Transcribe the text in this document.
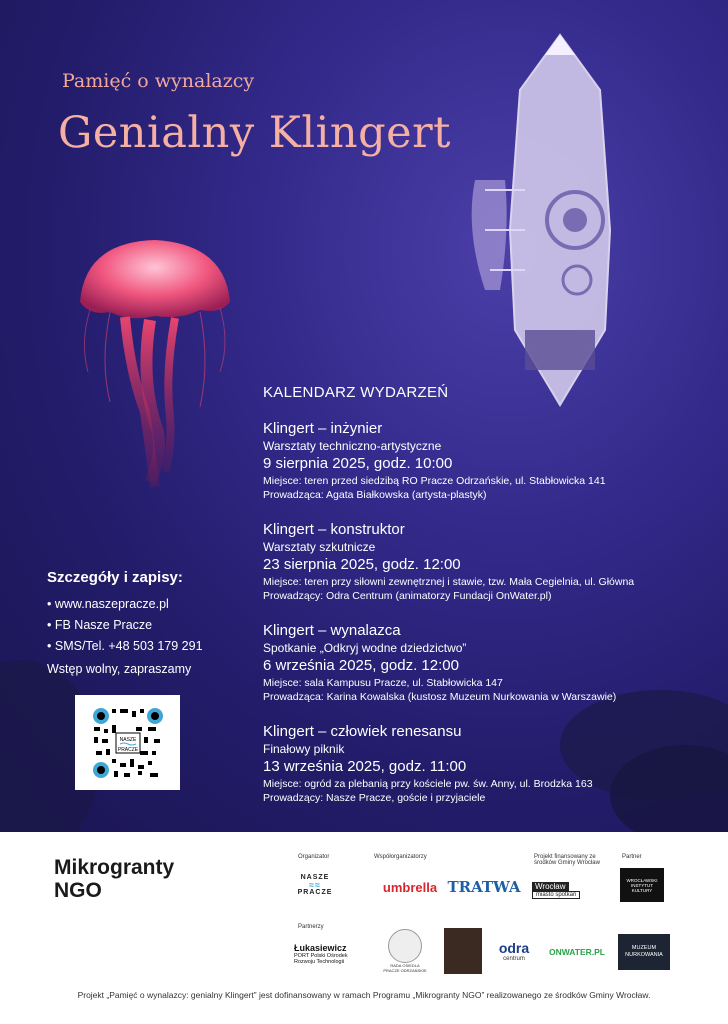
Pamięć o wynalazcy
Genialny Klingert
KALENDARZ WYDARZEŃ
Klingert – inżynier
Warsztaty techniczno-artystyczne
9 sierpnia 2025, godz. 10:00
Miejsce: teren przed siedzibą RO Pracze Odrzańskie, ul. Stabłowicka 141
Prowadząca: Agata Białkowska (artysta-plastyk)
Klingert – konstruktor
Warsztaty szkutnicze
23 sierpnia 2025, godz. 12:00
Miejsce: teren przy siłowni zewnętrznej i stawie, tzw. Mała Cegielnia, ul. Główna
Prowadzący: Odra Centrum (animatorzy Fundacji OnWater.pl)
Klingert – wynalazca
Spotkanie „Odkryj wodne dziedzictwo”
6 września 2025, godz. 12:00
Miejsce: sala Kampusu Pracze, ul. Stabłowicka 147
Prowadząca: Karina Kowalska (kustosz Muzeum Nurkowania w Warszawie)
Klingert – człowiek renesansu
Finałowy piknik
13 września 2025, godz. 11:00
Miejsce: ogród za plebanią przy kościele pw. św. Anny, ul. Brodzka 163
Prowadzący: Nasze Pracze, goście i przyjaciele
Szczegóły i zapisy:
• www.naszepracze.pl
• FB Nasze Pracze
• SMS/Tel. +48 503 179 291
Wstęp wolny, zapraszamy
NASZE
PRACZE
Mikrogranty
NGO
Organizator	Współorganizatorzy	Projekt finansowany ze środków Gminy Wrocław
Partner
Partnerzy
NASZE
≈≈
PRACZE	umbrella TRATWA	Wrocław
miasto spotkań
WROCŁAWSKI
INSTYTUT
KULTURY
Łukasiewicz
PORT Polski Ośrodek
Rozwoju Technologii
RADA OSIEDLA
PRACZE ODRZAŃSKIE
odra
centrum
ONWATER.PL	MUZEUM
NURKOWANIA
Projekt „Pamięć o wynalazcy: genialny Klingert” jest dofinansowany w ramach Programu „Mikrogranty NGO” realizowanego ze środków Gminy Wrocław.
